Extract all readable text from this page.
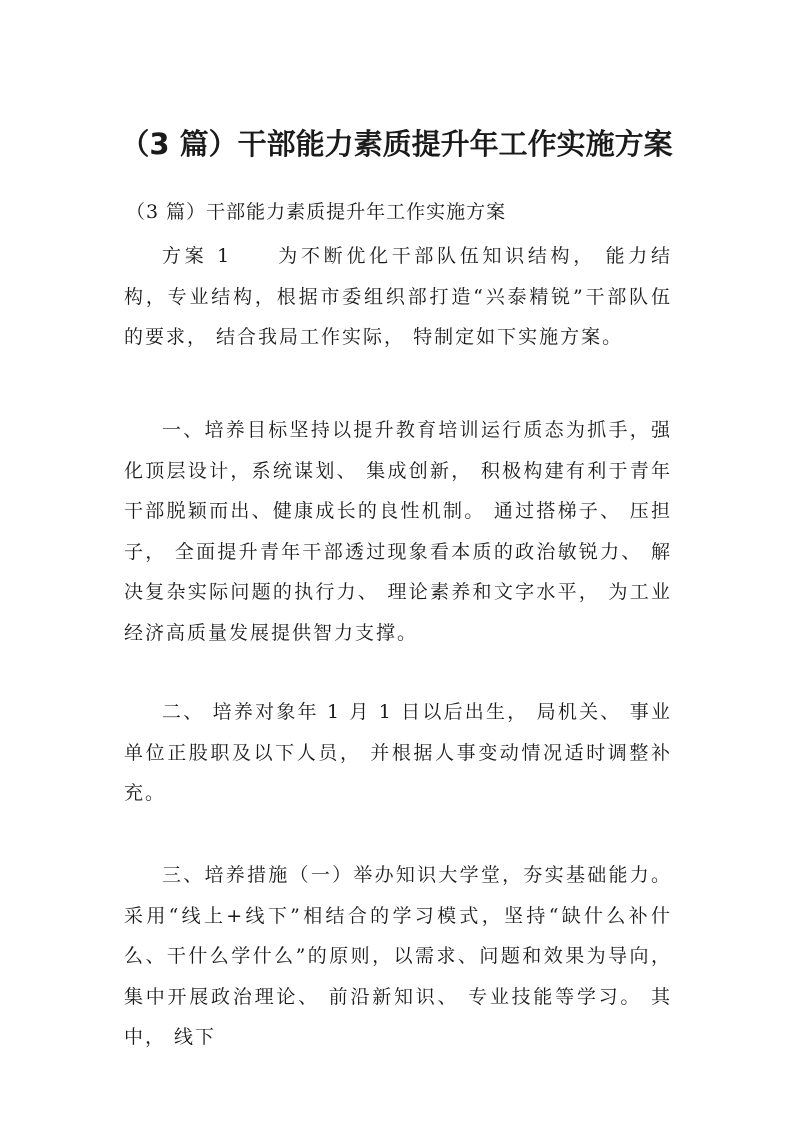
（3 篇）干部能力素质提升年工作实施方案

（3 篇）干部能力素质提升年工作实施方案

方案 1　　为不断优化干部队伍知识结构， 能力结构，专业结构，根据市委组织部打造“兴泰精锐”干部队伍的要求， 结合我局工作实际， 特制定如下实施方案。

一、培养目标坚持以提升教育培训运行质态为抓手，强化顶层设计，系统谋划、 集成创新， 积极构建有利于青年干部脱颖而出、健康成长的良性机制。 通过搭梯子、 压担子， 全面提升青年干部透过现象看本质的政治敏锐力、 解决复杂实际问题的执行力、 理论素养和文字水平， 为工业经济高质量发展提供智力支撑。

二、 培养对象年 1 月 1 日以后出生， 局机关、 事业单位正股职及以下人员， 并根据人事变动情况适时调整补充。

三、培养措施（一）举办知识大学堂，夯实基础能力。采用“线上+线下”相结合的学习模式，坚持“缺什么补什么、干什么学什么”的原则，以需求、问题和效果为导向，集中开展政治理论、 前沿新知识、 专业技能等学习。 其中， 线下
